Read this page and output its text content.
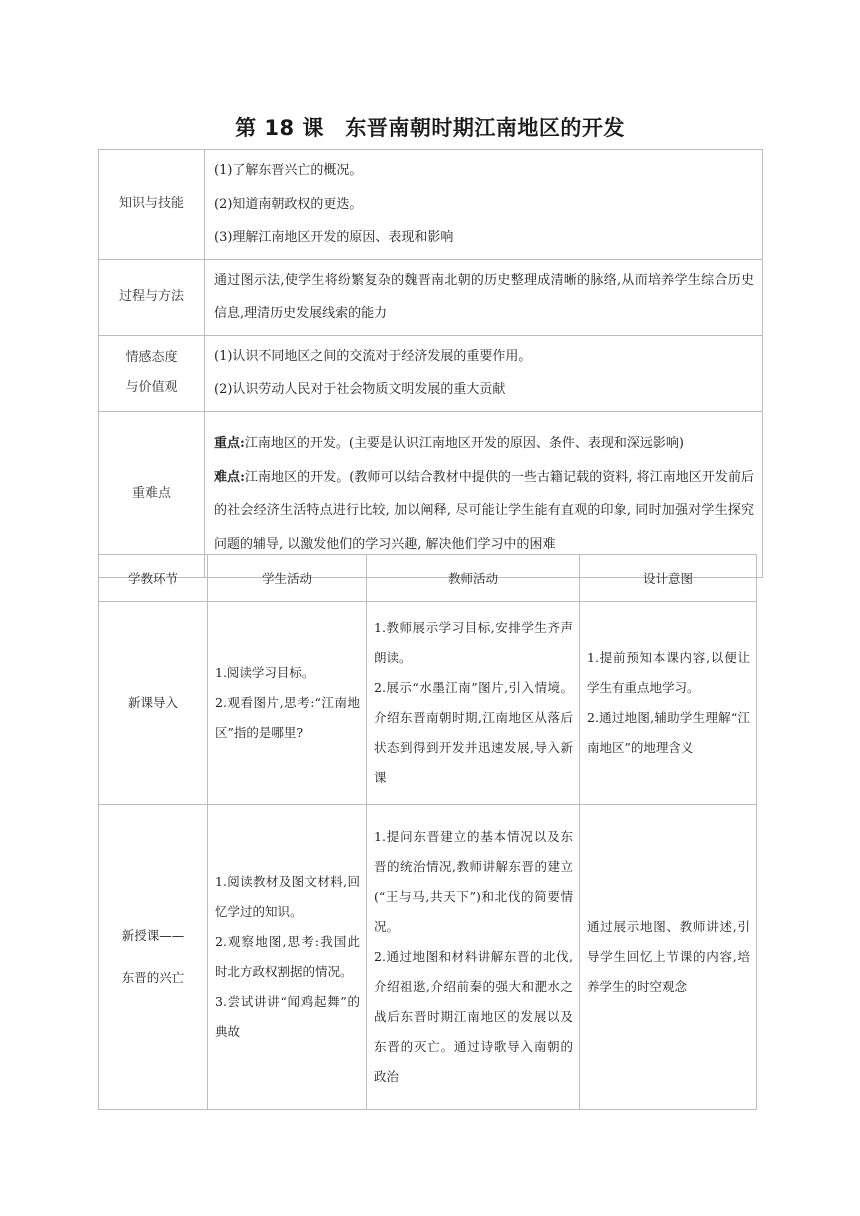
第 18 课　东晋南朝时期江南地区的开发
知识与技能	(1)了解东晋兴亡的概况。
(2)知道南朝政权的更迭。
(3)理解江南地区开发的原因、表现和影响

过程与方法	通过图示法,使学生将纷繁复杂的魏晋南北朝的历史整理成清晰的脉络,从而培养学生综合历史信息,理清历史发展线索的能力

情感态度
与价值观	(1)认识不同地区之间的交流对于经济发展的重要作用。
(2)认识劳动人民对于社会物质文明发展的重大贡献

重难点	重点:江南地区的开发。(主要是认识江南地区开发的原因、条件、表现和深远影响)
难点:江南地区的开发。(教师可以结合教材中提供的一些古籍记载的资料, 将江南地区开发前后的社会经济生活特点进行比较, 加以阐释, 尽可能让学生能有直观的印象, 同时加强对学生探究问题的辅导, 以激发他们的学习兴趣, 解决他们学习中的困难
学教环节	学生活动	教师活动	设计意图

新课导入	1.阅读学习目标。
2.观看图片,思考:“江南地区”指的是哪里?	1.教师展示学习目标,安排学生齐声朗读。
2.展示“水墨江南”图片,引入情境。介绍东晋南朝时期,江南地区从落后状态到得到开发并迅速发展,导入新课	1.提前预知本课内容,以便让学生有重点地学习。
2.通过地图,辅助学生理解“江南地区”的地理含义

新授课——
东晋的兴亡	1.阅读教材及图文材料,回忆学过的知识。
2.观察地图,思考:我国此时北方政权割据的情况。
3.尝试讲讲“闻鸡起舞”的典故	1.提问东晋建立的基本情况以及东晋的统治情况,教师讲解东晋的建立(“王与马,共天下”)和北伐的简要情况。
2.通过地图和材料讲解东晋的北伐,介绍祖逖,介绍前秦的强大和淝水之战后东晋时期江南地区的发展以及东晋的灭亡。通过诗歌导入南朝的政治	通过展示地图、教师讲述,引导学生回忆上节课的内容,培养学生的时空观念
